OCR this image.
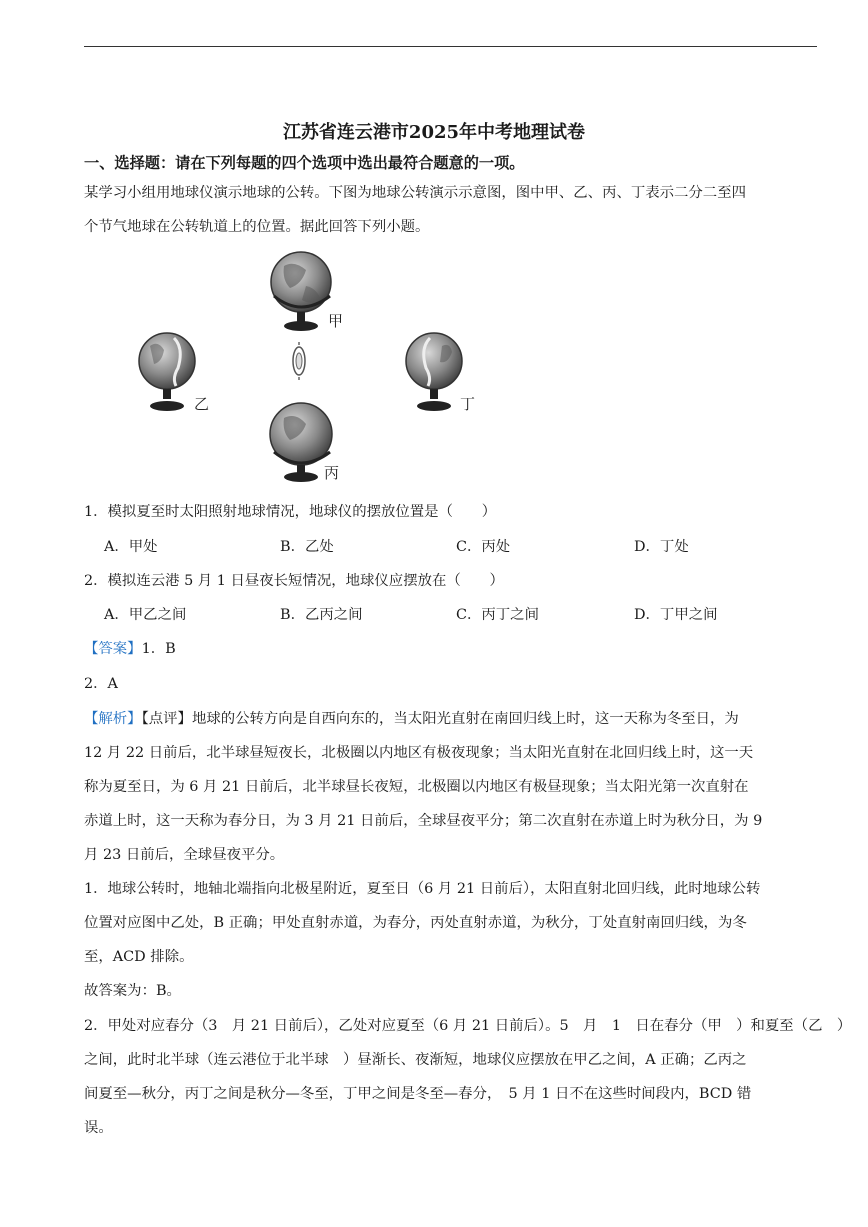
江苏省连云港市2025年中考地理试卷
一、选择题：请在下列每题的四个选项中选出最符合题意的一项。
某学习小组用地球仪演示地球的公转。下图为地球公转演示示意图，图中甲、乙、丙、丁表示二分二至四
个节气地球在公转轨道上的位置。据此回答下列小题。
甲
乙	丁
丙
1．模拟夏至时太阳照射地球情况，地球仪的摆放位置是（　　）
A．甲处	B．乙处	C．丙处	D．丁处
2．模拟连云港 5 月 1 日昼夜长短情况，地球仪应摆放在（　　）
A．甲乙之间	B．乙丙之间	C．丙丁之间	D．丁甲之间
【答案】1．B
2．A
【解析】【点评】地球的公转方向是自西向东的，当太阳光直射在南回归线上时，这一天称为冬至日，为
12 月 22 日前后，北半球昼短夜长，北极圈以内地区有极夜现象；当太阳光直射在北回归线上时，这一天
称为夏至日，为 6 月 21 日前后，北半球昼长夜短，北极圈以内地区有极昼现象；当太阳光第一次直射在
赤道上时，这一天称为春分日，为 3 月 21 日前后，全球昼夜平分；第二次直射在赤道上时为秋分日，为 9
月 23 日前后，全球昼夜平分。
1．地球公转时，地轴北端指向北极星附近，夏至日（6 月 21 日前后），太阳直射北回归线，此时地球公转
位置对应图中乙处，B 正确；甲处直射赤道，为春分，丙处直射赤道，为秋分，丁处直射南回归线，为冬
至，ACD 排除。
故答案为：B。
2．甲处对应春分（3　月 21 日前后），乙处对应夏至（6 月 21 日前后）。5　月　1　日在春分（甲　）和夏至（乙　）
之间，此时北半球（连云港位于北半球　）昼渐长、夜渐短，地球仪应摆放在甲乙之间，A 正确；乙丙之
间夏至—秋分，丙丁之间是秋分—冬至，丁甲之间是冬至—春分，　5 月 1 日不在这些时间段内，BCD 错
误。
